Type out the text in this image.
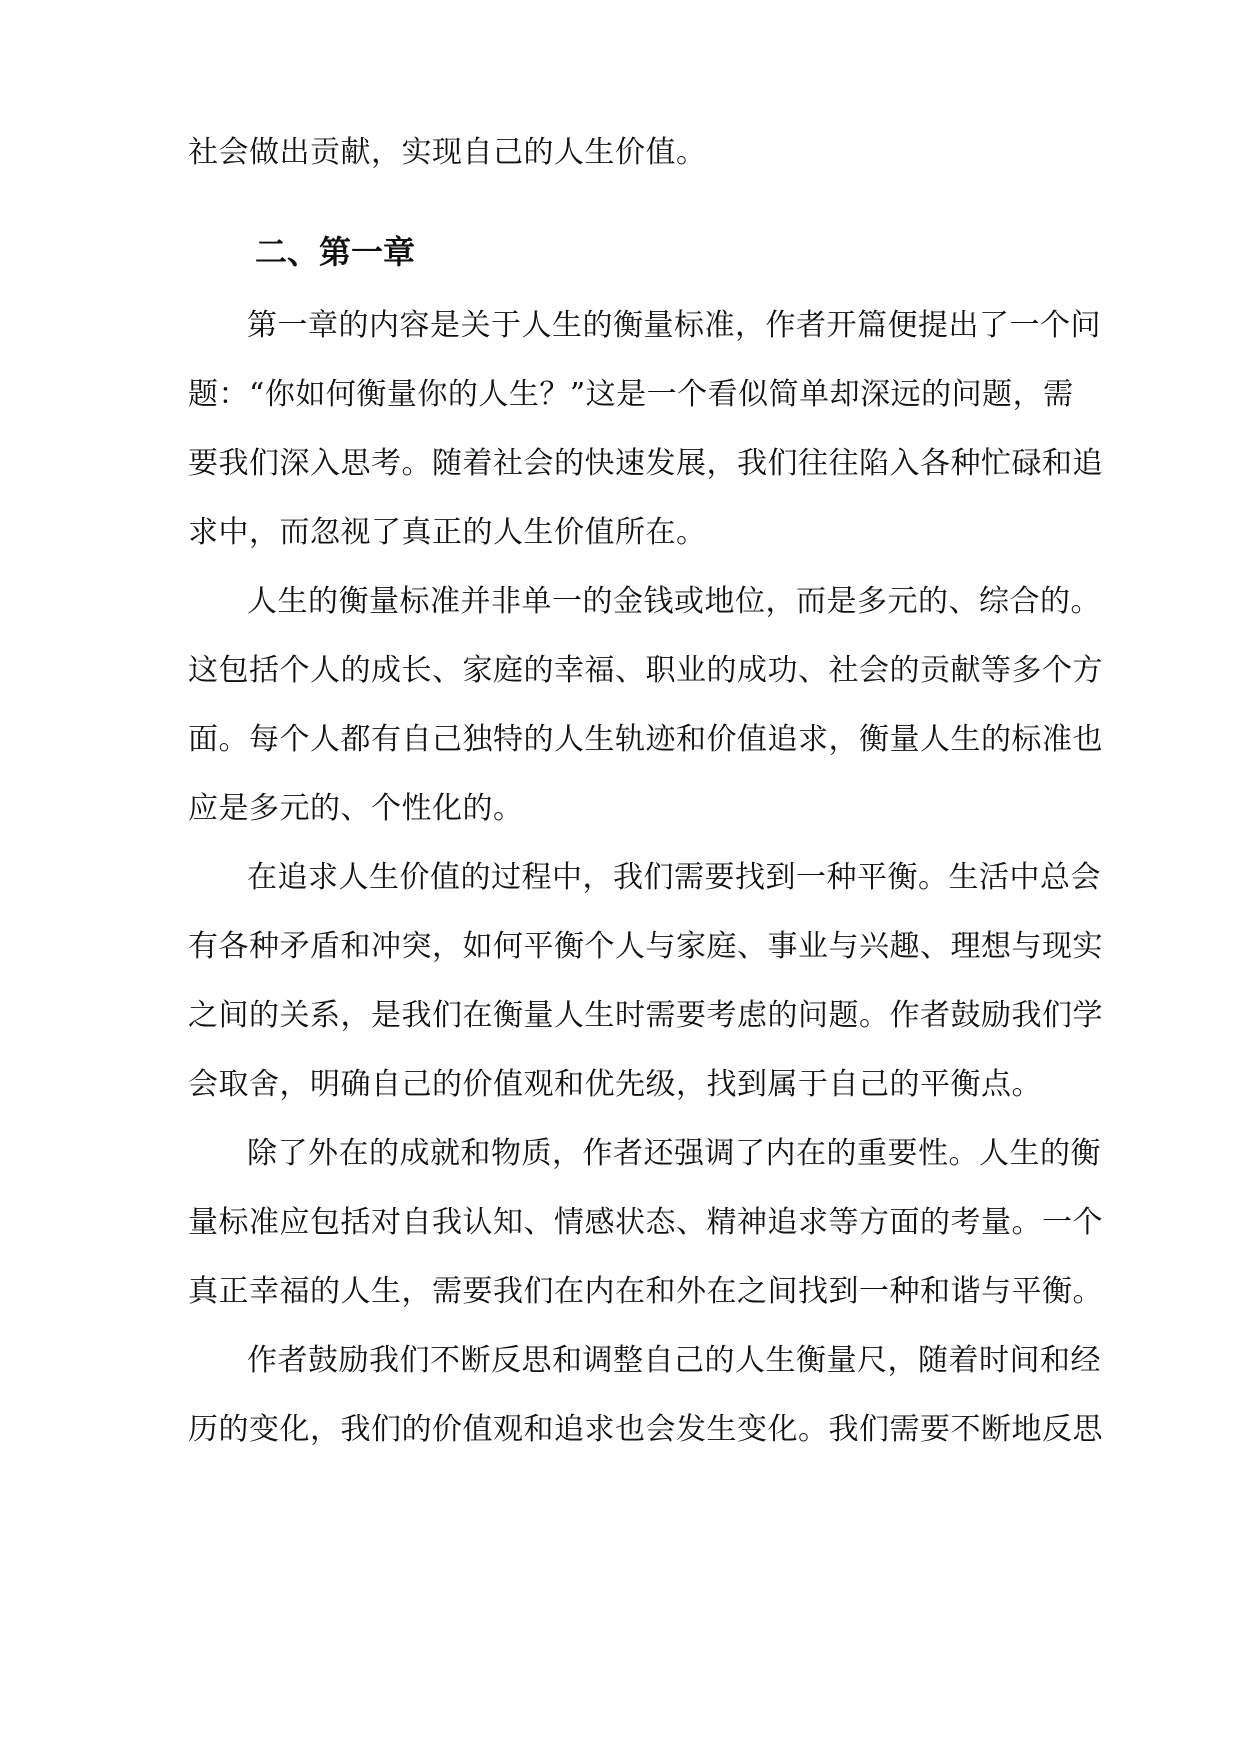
社会做出贡献，实现自己的人生价值。
二、第一章
第一章的内容是关于人生的衡量标准，作者开篇便提出了一个问
题：“你如何衡量你的人生？”这是一个看似简单却深远的问题，需
要我们深入思考。随着社会的快速发展，我们往往陷入各种忙碌和追
求中，而忽视了真正的人生价值所在。
人生的衡量标准并非单一的金钱或地位，而是多元的、综合的。
这包括个人的成长、家庭的幸福、职业的成功、社会的贡献等多个方
面。每个人都有自己独特的人生轨迹和价值追求，衡量人生的标准也
应是多元的、个性化的。
在追求人生价值的过程中，我们需要找到一种平衡。生活中总会
有各种矛盾和冲突，如何平衡个人与家庭、事业与兴趣、理想与现实
之间的关系，是我们在衡量人生时需要考虑的问题。作者鼓励我们学
会取舍，明确自己的价值观和优先级，找到属于自己的平衡点。
除了外在的成就和物质，作者还强调了内在的重要性。人生的衡
量标准应包括对自我认知、情感状态、精神追求等方面的考量。一个
真正幸福的人生，需要我们在内在和外在之间找到一种和谐与平衡。
作者鼓励我们不断反思和调整自己的人生衡量尺，随着时间和经
历的变化，我们的价值观和追求也会发生变化。我们需要不断地反思
